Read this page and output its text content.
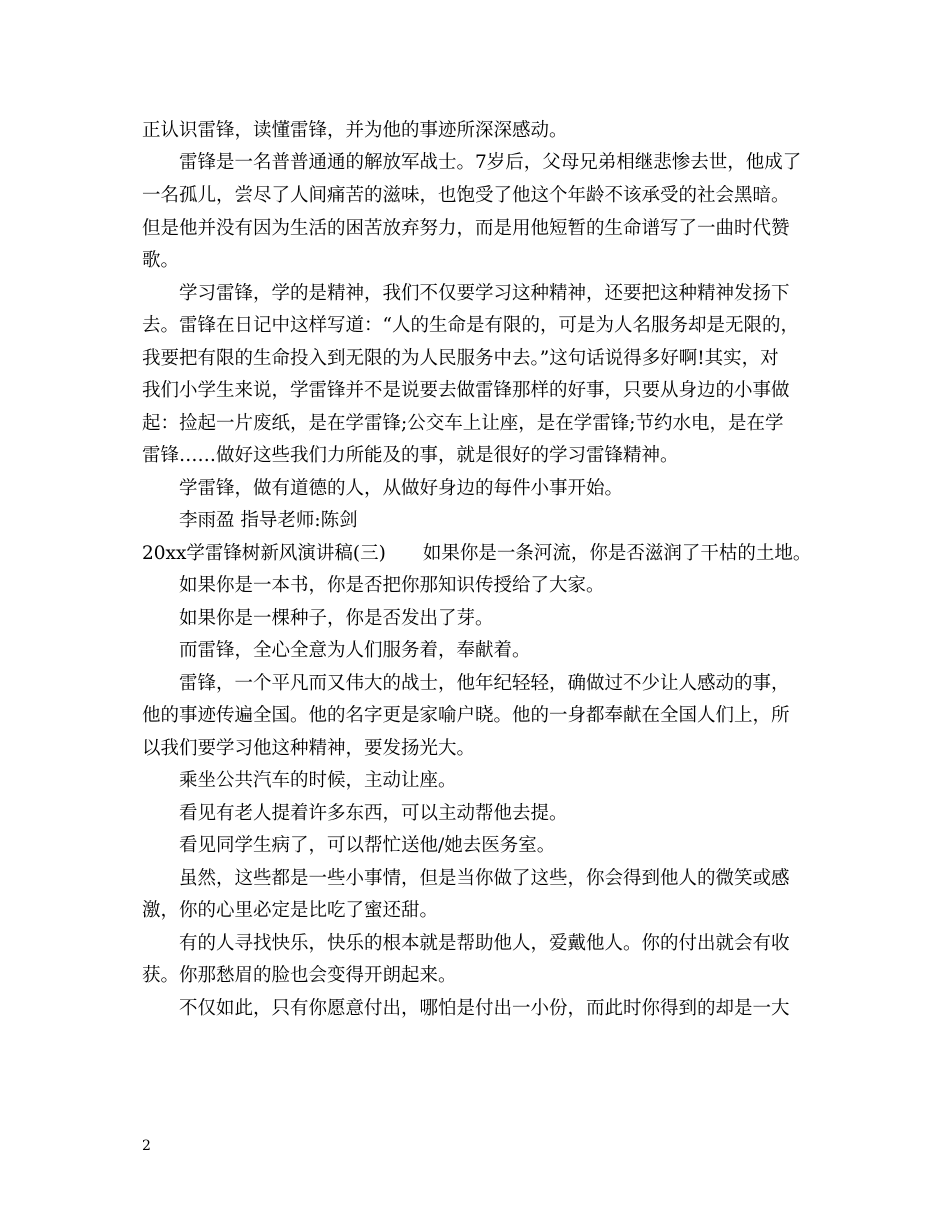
正认识雷锋，读懂雷锋，并为他的事迹所深深感动。
雷锋是一名普普通通的解放军战士。7岁后，父母兄弟相继悲惨去世，他成了
一名孤儿，尝尽了人间痛苦的滋味，也饱受了他这个年龄不该承受的社会黑暗。
但是他并没有因为生活的困苦放弃努力，而是用他短暂的生命谱写了一曲时代赞
歌。
学习雷锋，学的是精神，我们不仅要学习这种精神，还要把这种精神发扬下
去。雷锋在日记中这样写道：“人的生命是有限的，可是为人名服务却是无限的，
我要把有限的生命投入到无限的为人民服务中去。”这句话说得多好啊!其实，对
我们小学生来说，学雷锋并不是说要去做雷锋那样的好事，只要从身边的小事做
起：捡起一片废纸，是在学雷锋;公交车上让座，是在学雷锋;节约水电，是在学
雷锋……做好这些我们力所能及的事，就是很好的学习雷锋精神。
学雷锋，做有道德的人，从做好身边的每件小事开始。
李雨盈 指导老师:陈剑
20xx学雷锋树新风演讲稿(三)　　如果你是一条河流，你是否滋润了干枯的土地。
如果你是一本书，你是否把你那知识传授给了大家。
如果你是一棵种子，你是否发出了芽。
而雷锋，全心全意为人们服务着，奉献着。
雷锋，一个平凡而又伟大的战士，他年纪轻轻，确做过不少让人感动的事，
他的事迹传遍全国。他的名字更是家喻户晓。他的一身都奉献在全国人们上，所
以我们要学习他这种精神，要发扬光大。
乘坐公共汽车的时候，主动让座。
看见有老人提着许多东西，可以主动帮他去提。
看见同学生病了，可以帮忙送他/她去医务室。
虽然，这些都是一些小事情，但是当你做了这些，你会得到他人的微笑或感
激，你的心里必定是比吃了蜜还甜。
有的人寻找快乐，快乐的根本就是帮助他人，爱戴他人。你的付出就会有收
获。你那愁眉的脸也会变得开朗起来。
不仅如此，只有你愿意付出，哪怕是付出一小份，而此时你得到的却是一大
2
